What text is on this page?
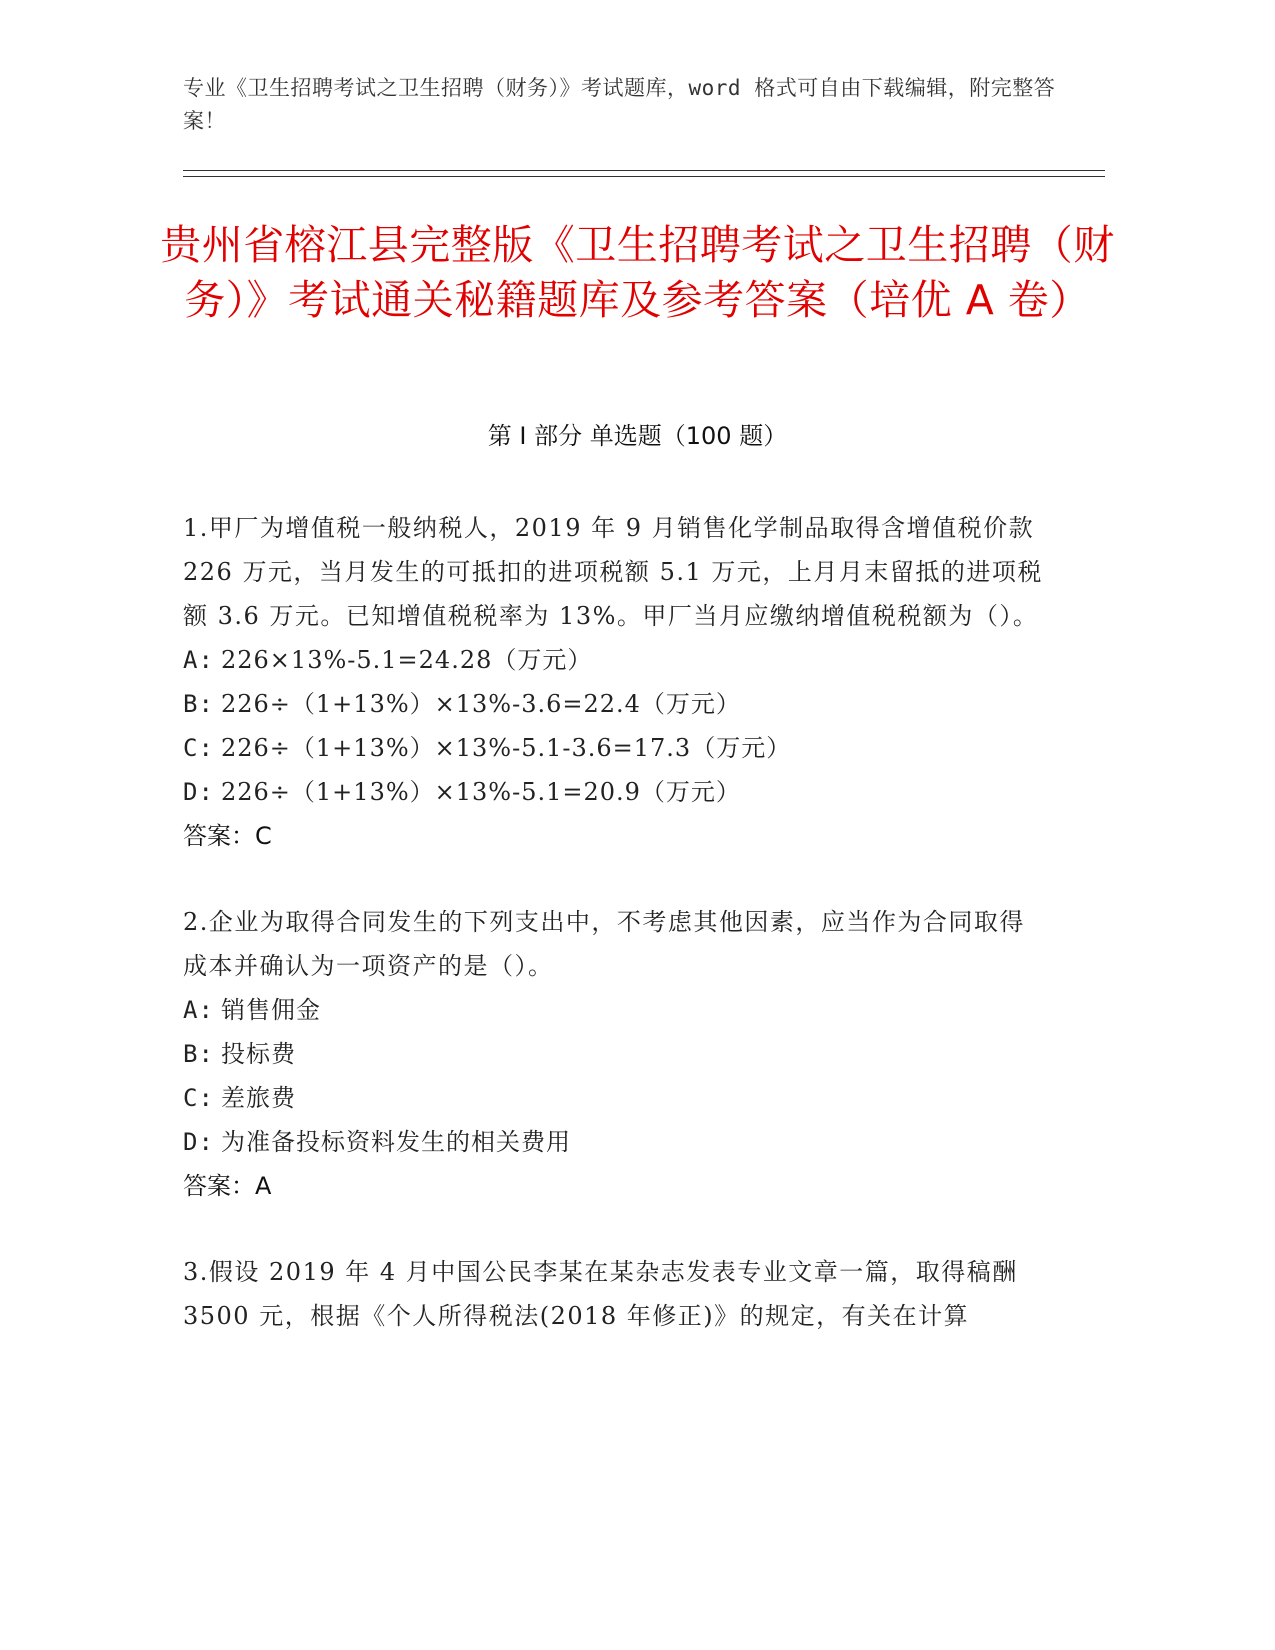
专业《卫生招聘考试之卫生招聘（财务）》考试题库，word 格式可自由下载编辑，附完整答案！
贵州省榕江县完整版《卫生招聘考试之卫生招聘（财务）》考试通关秘籍题库及参考答案（培优 A 卷）
第 I 部分 单选题（100 题）

1.甲厂为增值税一般纳税人，2019 年 9 月销售化学制品取得含增值税价款 226 万元，当月发生的可抵扣的进项税额 5.1 万元，上月月末留抵的进项税额 3.6 万元。已知增值税税率为 13%。甲厂当月应缴纳增值税税额为（）。

A: 226×13%-5.1=24.28（万元）

B: 226÷（1+13%）×13%-3.6=22.4（万元）

C: 226÷（1+13%）×13%-5.1-3.6=17.3（万元）

D: 226÷（1+13%）×13%-5.1=20.9（万元）

答案：C

2.企业为取得合同发生的下列支出中，不考虑其他因素，应当作为合同取得成本并确认为一项资产的是（）。

A: 销售佣金

B: 投标费

C: 差旅费

D: 为准备投标资料发生的相关费用

答案：A

3.假设 2019 年 4 月中国公民李某在某杂志发表专业文章一篇，取得稿酬 3500 元，根据《个人所得税法(2018 年修正)》的规定，有关在计算
